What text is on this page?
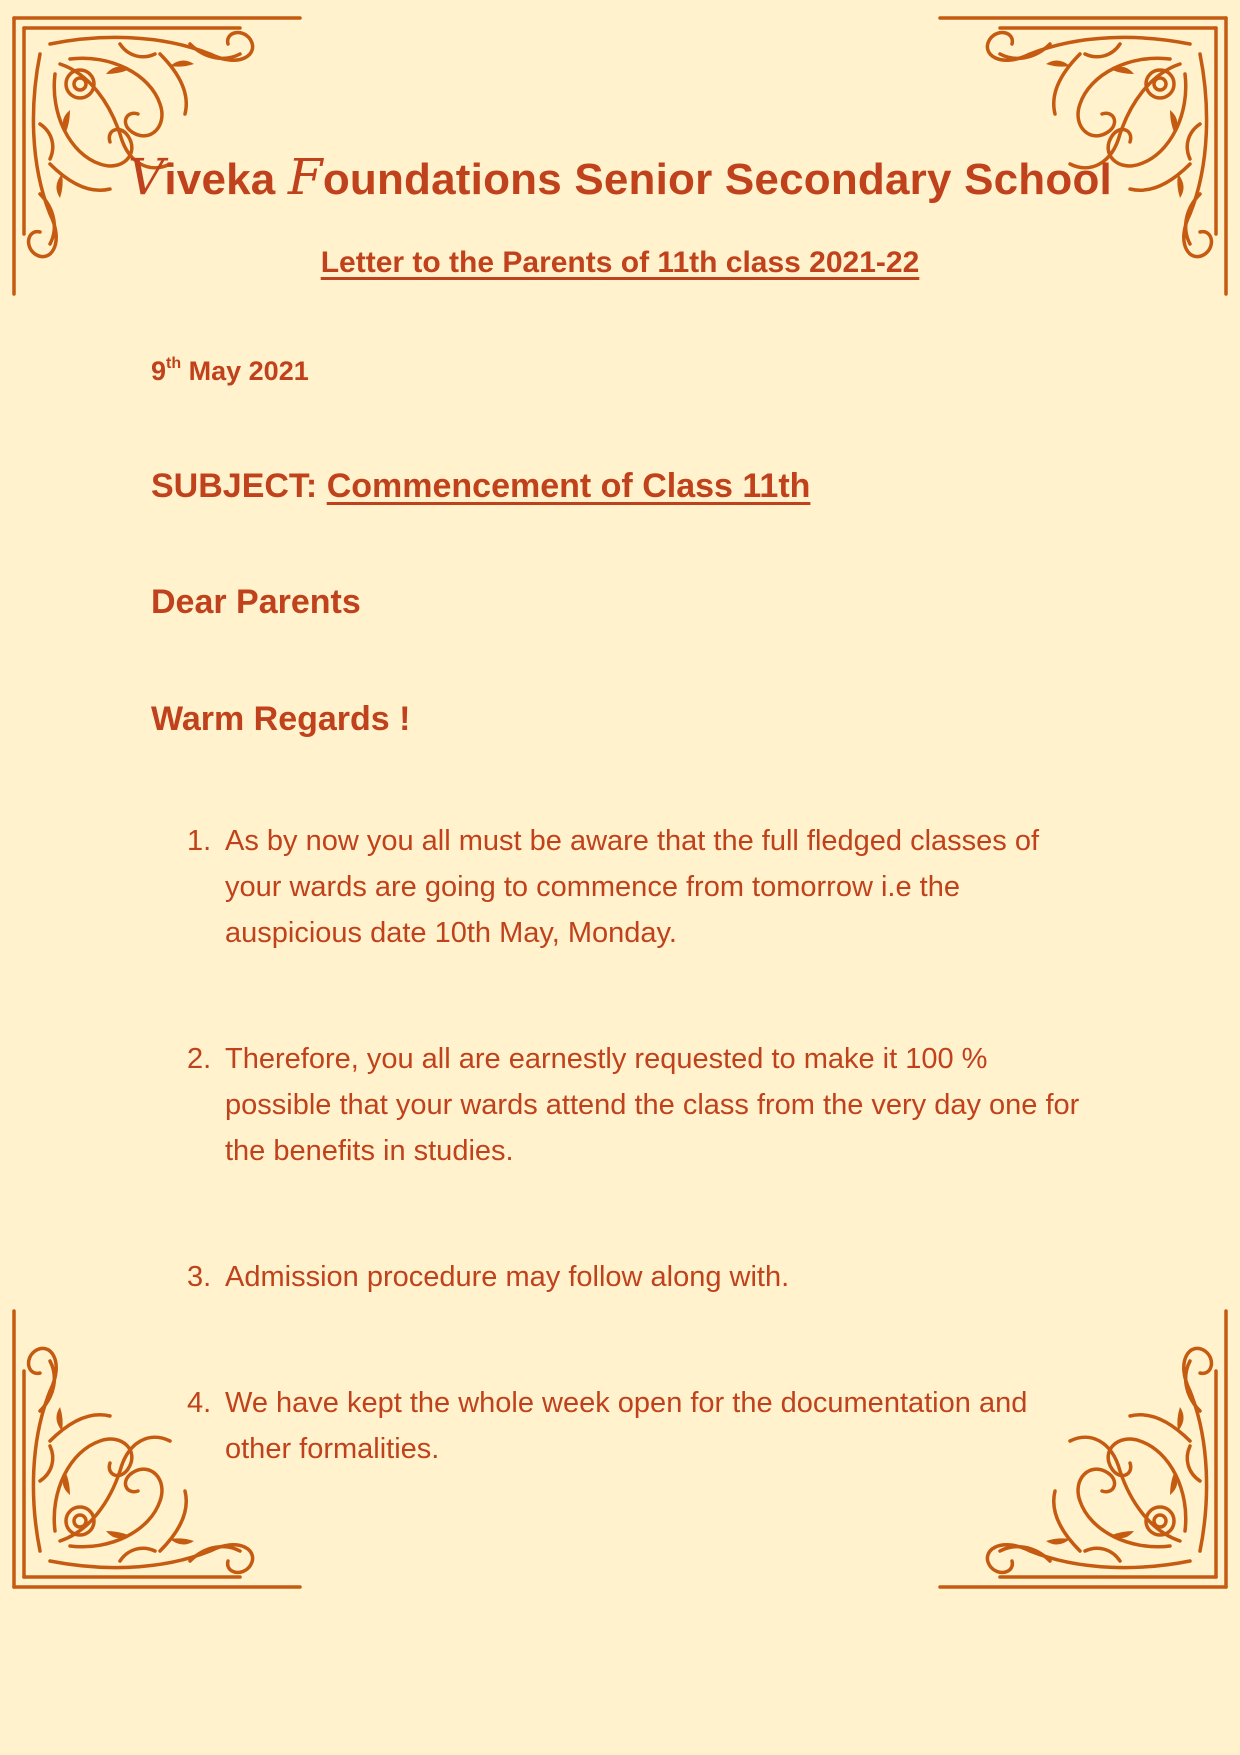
Viveka Foundations Senior Secondary School
Letter to the Parents of 11th class 2021-22
9th May 2021
SUBJECT: Commencement of Class 11th
Dear Parents
Warm Regards !
1. As by now you all must be aware that the full fledged classes of your wards are going to commence from tomorrow i.e the auspicious date 10th May, Monday.
2. Therefore, you all are earnestly requested to make it 100 % possible that your wards attend the class from the very day one for the benefits in studies.
3. Admission procedure may follow along with.
4. We have kept the whole week open for the documentation and other formalities.
